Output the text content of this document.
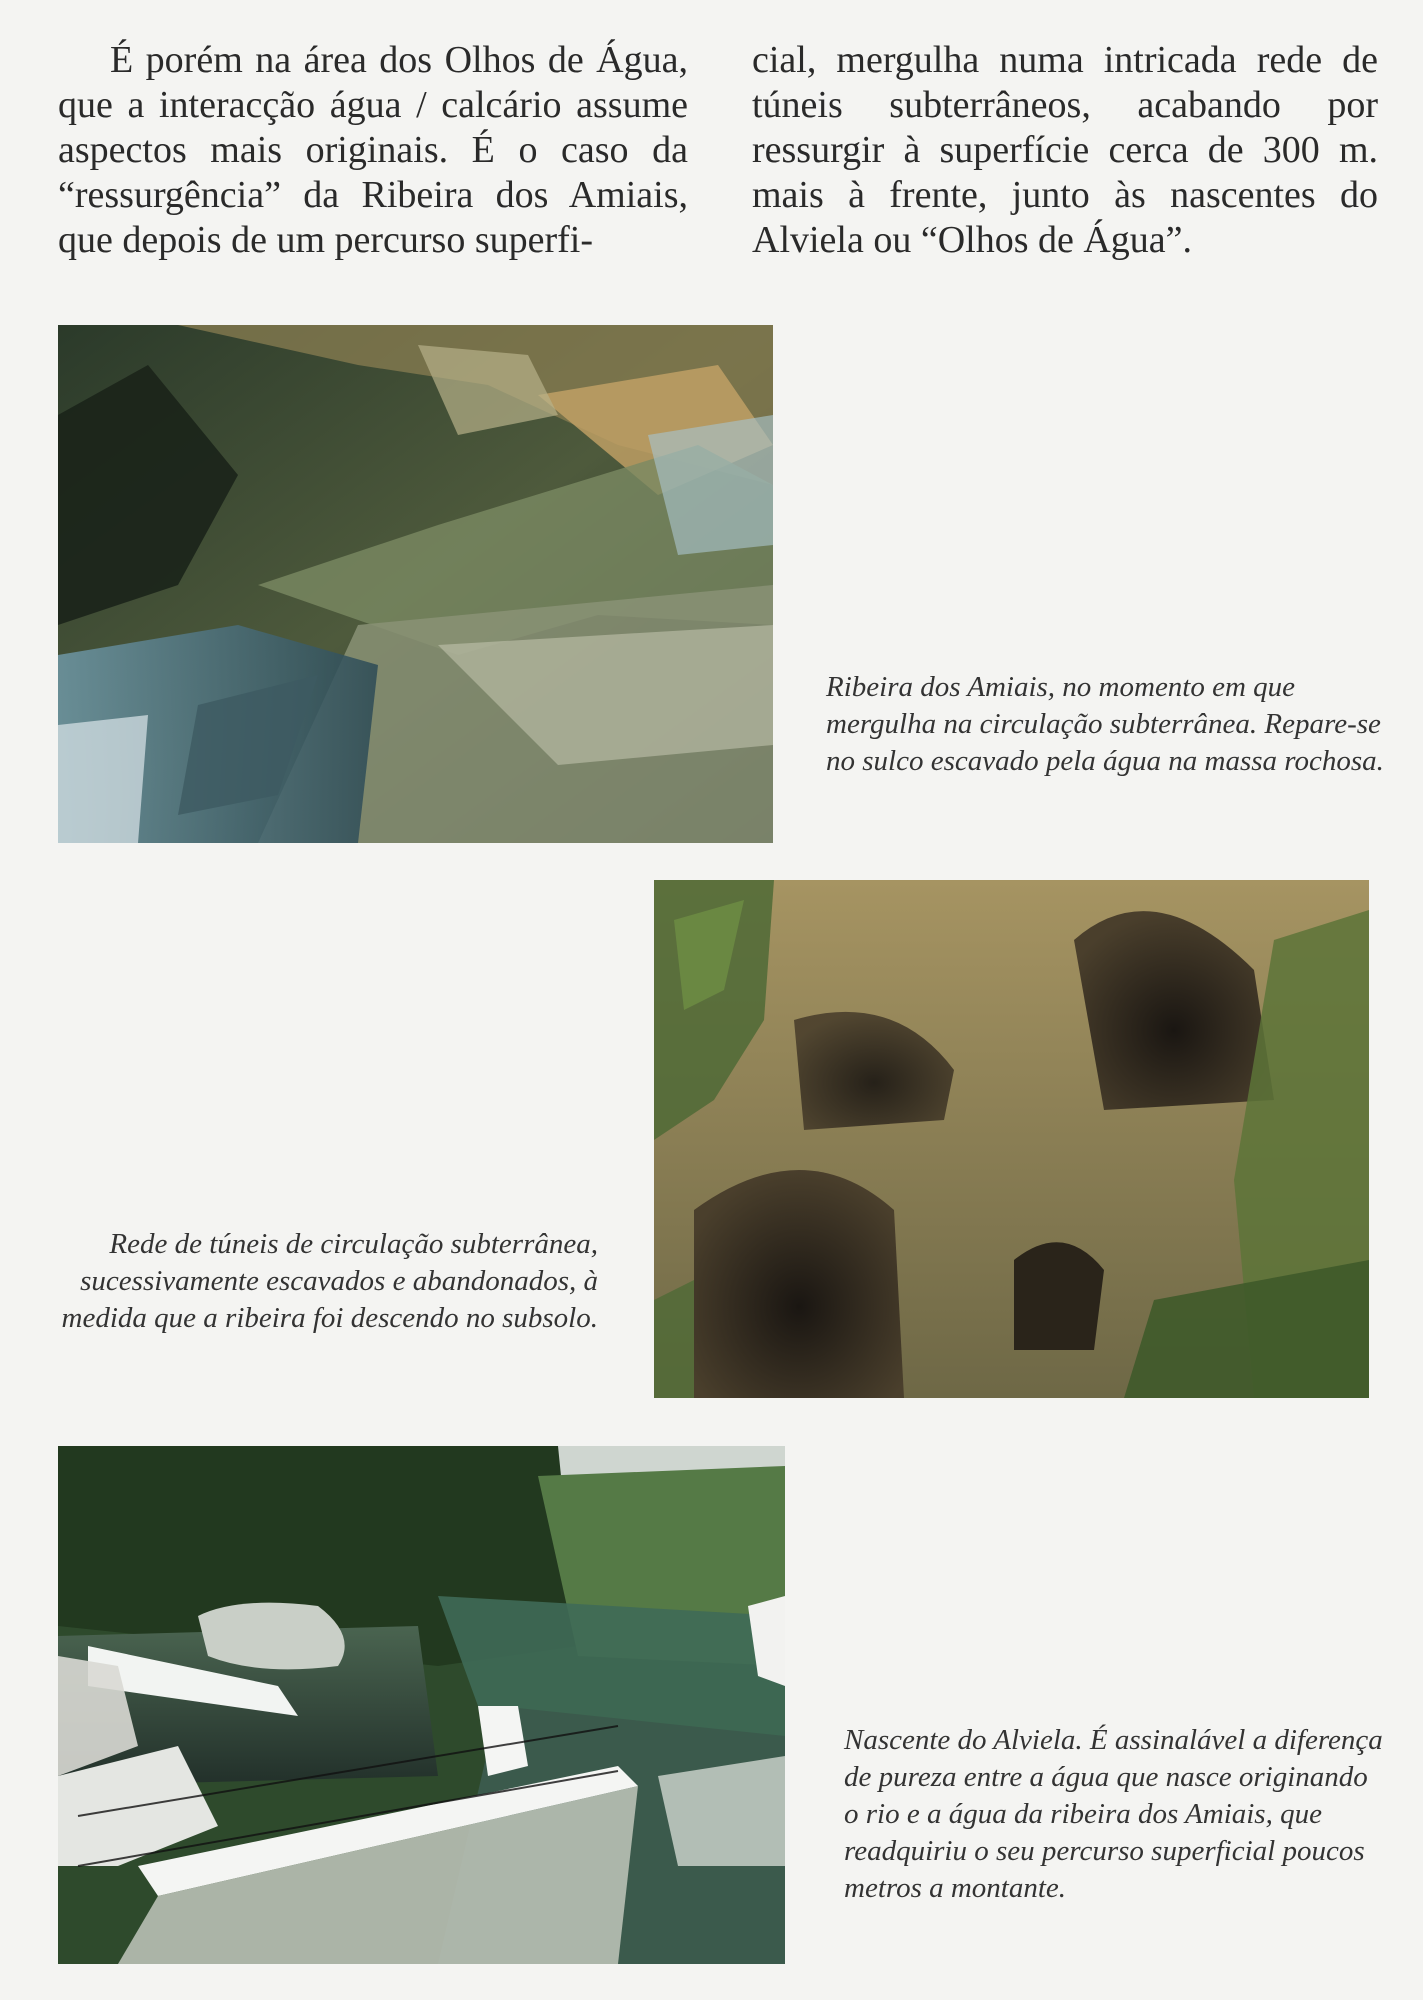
É porém na área dos Olhos de Água, que a interacção água / calcário assume aspectos mais originais. É o caso da “ressurgência” da Ribeira dos Amiais, que depois de um percurso superfi-

cial, mergulha numa intricada rede de túneis subterrâneos, acabando por ressurgir à superfície cerca de 300 m. mais à frente, junto às nascentes do Alviela ou “Olhos de Água”.

Ribeira dos Amiais, no momento em que mergulha na circulação subterrânea. Repare-se no sulco escavado pela água na massa rochosa.
Rede de túneis de circulação subterrânea, sucessivamente escavados e abandonados, à medida que a ribeira foi descendo no subsolo.
Nascente do Alviela. É assinalável a diferença de pureza entre a água que nasce originando o rio e a água da ribeira dos Amiais, que readquiriu o seu percurso superficial poucos metros a montante.
